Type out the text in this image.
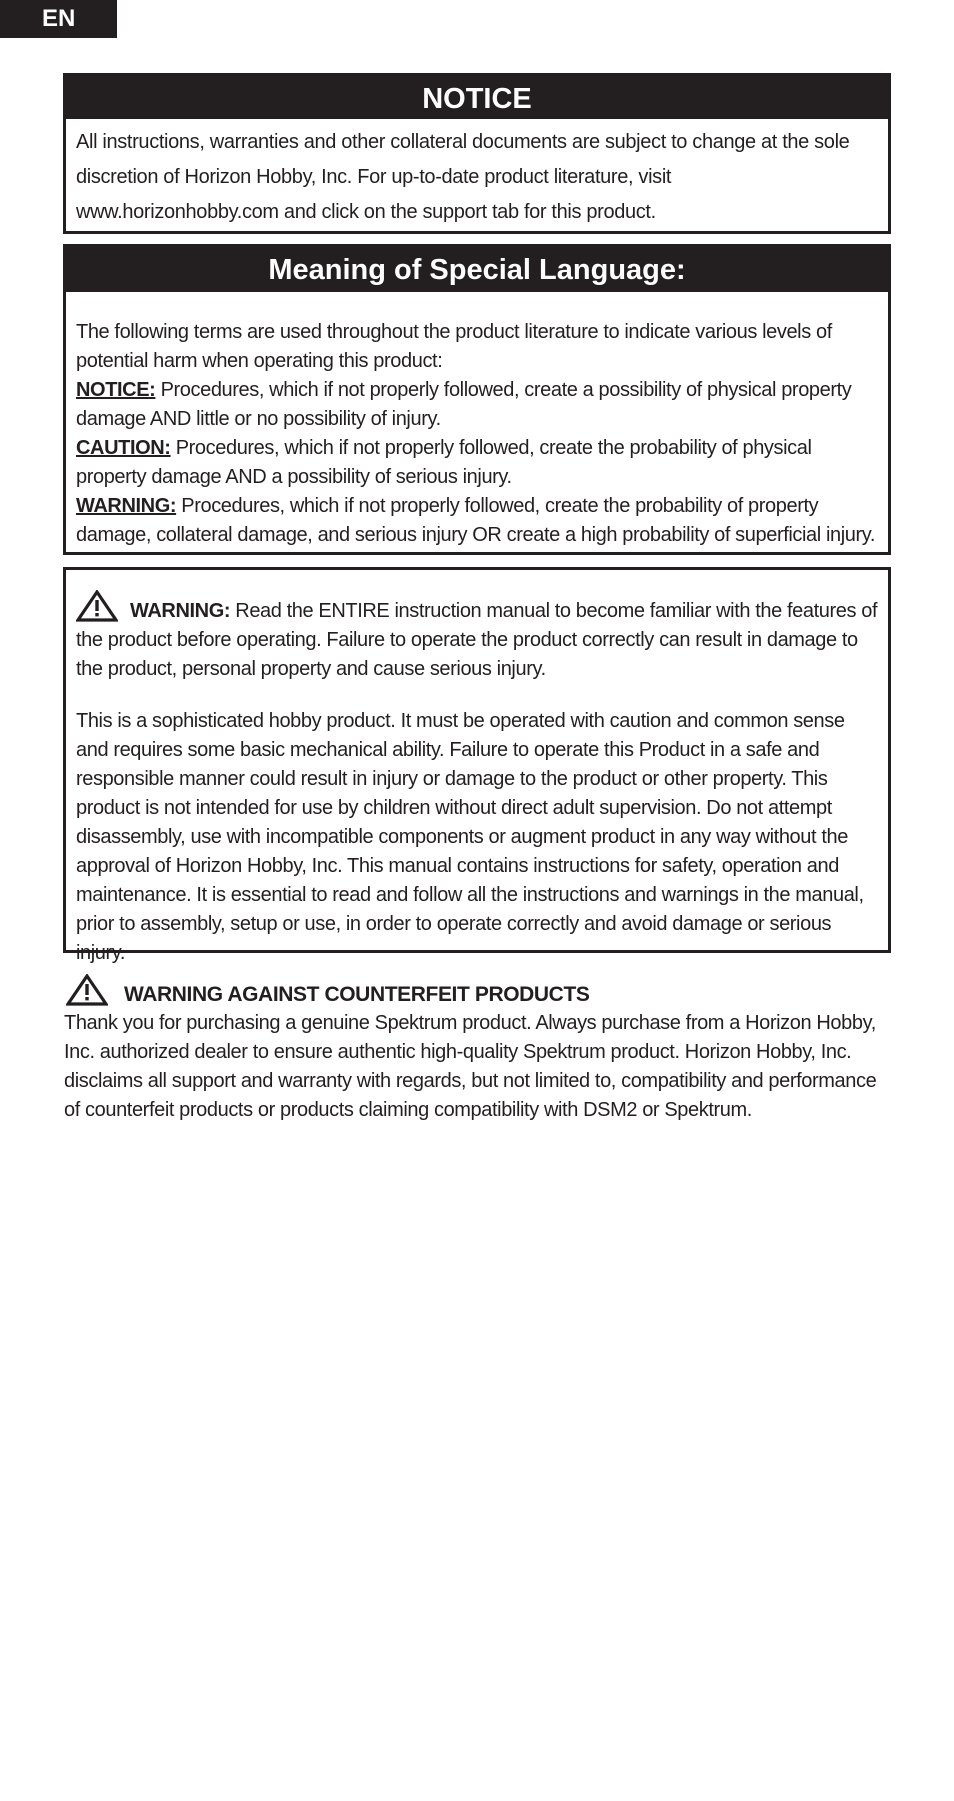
EN
NOTICE
All instructions, warranties and other collateral documents are subject to change at the sole discretion of Horizon Hobby, Inc. For up-to-date product literature, visit www.horizonhobby.com and click on the support tab for this product.
Meaning of Special Language:

The following terms are used throughout the product literature to indicate various levels of potential harm when operating this product:

NOTICE: Procedures, which if not properly followed, create a possibility of physical property damage AND little or no possibility of injury.

CAUTION: Procedures, which if not properly followed, create the probability of physical property damage AND a possibility of serious injury.

WARNING: Procedures, which if not properly followed, create the probability of property damage, collateral damage, and serious injury OR create a high probability of superficial injury.

WARNING: Read the ENTIRE instruction manual to become familiar with the features of the product before operating. Failure to operate the product correctly can result in damage to the product, personal property and cause serious injury.

This is a sophisticated hobby product. It must be operated with caution and common sense and requires some basic mechanical ability. Failure to operate this Product in a safe and responsible manner could result in injury or damage to the product or other property. This product is not intended for use by children without direct adult supervision. Do not attempt disassembly, use with incompatible components or augment product in any way without the approval of Horizon Hobby, Inc. This manual contains instructions for safety, operation and maintenance. It is essential to read and follow all the instructions and warnings in the manual, prior to assembly, setup or use, in order to operate correctly and avoid damage or serious injury.

WARNING AGAINST COUNTERFEIT PRODUCTS

Thank you for purchasing a genuine Spektrum product. Always purchase from a Horizon Hobby, Inc. authorized dealer to ensure authentic high-quality Spektrum product. Horizon Hobby, Inc. disclaims all support and warranty with regards, but not limited to, compatibility and performance of counterfeit products or products claiming compatibility with DSM2 or Spektrum.
